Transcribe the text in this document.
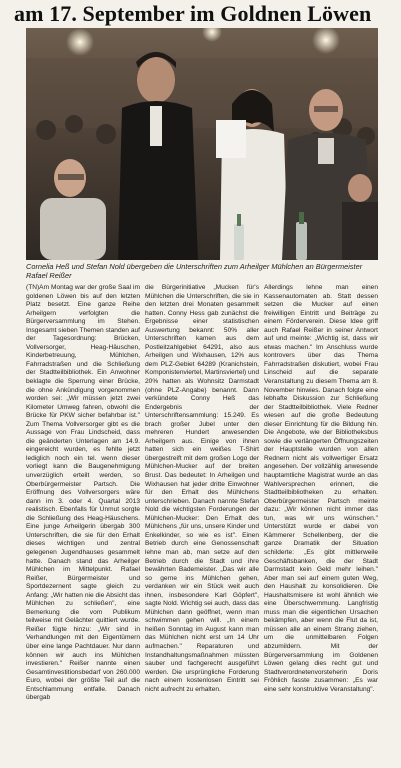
am 17. September im Goldnen Löwen
Cornelia Heß und Stefan Nold übergeben die Unterschriften zum Arheilger Mühlchen an Bürgermeister Rafael Reißer

(TN)Am Montag war der große Saal im goldenen Löwen bis auf den letzten Platz besetzt. Eine ganze Reihe Arheilgern verfolgten die Bürgerversammlung im Stehen. Insgesamt sieben Themen standen auf der Tagesordnung: Brücken, Vollversorger, Heag-Häuschen, Kinderbetreuung, Mühlchen, Fahrradstraßen und die Schließung der Stadtteilbibliothek. Ein Anwohner beklagte die Sperrung einer Brücke, die ohne Ankündigung vorgenommen worden sei: „Wir müssen jetzt zwei Kilometer Umweg fahren, obwohl die Brücke für PKW sicher befahrbar ist." Zum Thema Vollversorger gibt es die Aussage von Frau Lindscheid, dass die geänderten Unterlagen am 14.9. eingereicht wurden, es fehlte jetzt lediglich noch ein tel. wenn dieser vorliegt kann die Baugenehmigung unverzüglich erteilt werden, so Oberbürgermeister Partsch. Die Eröffnung des Vollversorgers wäre dann im 3. oder 4. Quartal 2013 realistisch. Ebenfalls für Unmut sorgte die Schließung des Heag-Häuschens. Eine junge Arheilgerin übergab 300 Unterschriften, die sie für den Erhalt dieses wichtigen und zentral gelegenen Jugendhauses gesammelt hatte. Danach stand das Arheilger Mühlchen im Mittelpunkt. Rafael Reißer, Bürgermeister und Sportdezernent sagte gleich zu Anfang: „Wir hatten nie die Absicht das Mühlchen zu schließen", eine Bemerkung die vom Publikum teilweise mit Gelächter quittiert wurde. Reißer fügte hinzu: „Wir sind in Verhandlungen mit den Eigentümern über eine lange Pachtdauer. Nur dann können wir auch ins Mühlchen investieren." Reißer nannte einen Gesamtinvestitionsbedarf von 260.000 Euro, wobei der größte Teil auf die Entschlammung entfalle. Danach übergab

die Bürgerinitiative „Mucken für's Mühlchen die Unterschriften, die sie in den letzten drei Monaten gesammelt hatten. Conny Hess gab zunächst die Ergebnisse einer statistischen Auswertung bekannt: 50% aller Unterschriften kamen aus dem Postleitzahlgebiet 64291, also aus Arheilgen und Wixhausen, 12% aus dem PLZ-Gebiet 64289 (Kranichstein, Komponistenviertel, Martinsviertel) und 20% hatten als Wohnsitz Darmstadt (ohne PLZ-Angabe) benannt. Dann verkündete Conny Heß das Endergebnis der Unterschriftensammlung: 15.249. Es brach großer Jubel unter den mehreren Hundert anwesenden Arheilgern aus. Einige von ihnen hatten sich ein weißes T-Shirt übergestreift mit dem großen Logo der Mühlchen-Mucker auf der breiten Brust. Das bedeutet: In Arheilgen und Wixhausen hat jeder dritte Einwohner für den Erhalt des Mühlchens unterschrieben. Danach nannte Stefan Nold die wichtigsten Forderungen der Mühlchen-Mucker: Den Erhalt des Mühlchens „für uns, unsere Kinder und Enkelkinder, so wie es ist". Einen Betrieb durch eine Genossenschaft lehne man ab, man setze auf den Betrieb durch die Stadt und ihre bewährten Bademeister. „Das wir alle so gerne ins Mühlchen gehen, verdanken wir ein Stück weit auch ihnen, insbesondere Karl Göpfert", sagte Nold. Wichtig sei auch, dass das Mühlchen dann geöffnet, wenn man schwimmen gehen will. „In einem heißen Sonntag im August kann man das Mühlchen nicht erst um 14 Uhr aufmachen." Reparaturen und Instandhaltungsmaßnahmen müssten sauber und fachgerecht ausgeführt werden. Die ursprüngliche Forderung nach einem kostenlosen Eintritt sei nicht aufrecht zu erhalten.

Allerdings lehne man einen Kassenautomaten ab. Statt dessen setzen die Mucker auf einen freiwilligen Eintritt und Beiträge zu einem Förderverein. Diese Idee griff auch Rafael Reißer in seiner Antwort auf und meinte: „Wichtig ist, dass wir etwas machen." Im Anschluss wurde kontrovers über das Thema Fahrradstraßen diskutiert, wobei Frau Linscheid auf die separate Veranstaltung zu diesem Thema am 8. November hinwies. Danach folgte eine lebhafte Diskussion zur Schließung der Stadtteilbibliothek. Viele Redner wiesen auf die große Bedeutung dieser Einrichtung für die Bildung hin. Die Angebote, wie der Bibliotheksbus sowie die verlängerten Öffnungszeiten der Hauptstelle wurden von allen Rednern nicht als vollwertiger Ersatz angesehen. Der vollzählig anwesende hauptamtliche Magistrat wurde an das Wahlversprechen erinnert, die Stadtteilbibliotheken zu erhalten. Oberbürgermeister Partsch meinte dazu: „Wir können nicht immer das tun, was wir uns wünschen." Unterstützt wurde er dabei von Kämmerer Schellenberg, der die ganze Dramatik der Situation schilderte: „Es gibt mittlerweile Geschäftsbanken, die der Stadt Darmstadt kein Geld mehr leihen." Aber man sei auf einem guten Weg, den Haushalt zu konsolidieren. Die Haushaltsmisere ist wohl ähnlich wie eine Überschwemmung. Langfristig muss man die eigentlichen Ursachen bekämpfen, aber wenn die Flut da ist, müssen alle an einem Strang ziehen, um die unmittelbaren Folgen abzumildern. Mit der Bürgerversammlung im Goldenen Löwen gelang dies recht gut und Stadtverordnetenvorsteherin Doris Fröhlich fasste zusammen: „Es war eine sehr konstruktive Veranstaltung".
